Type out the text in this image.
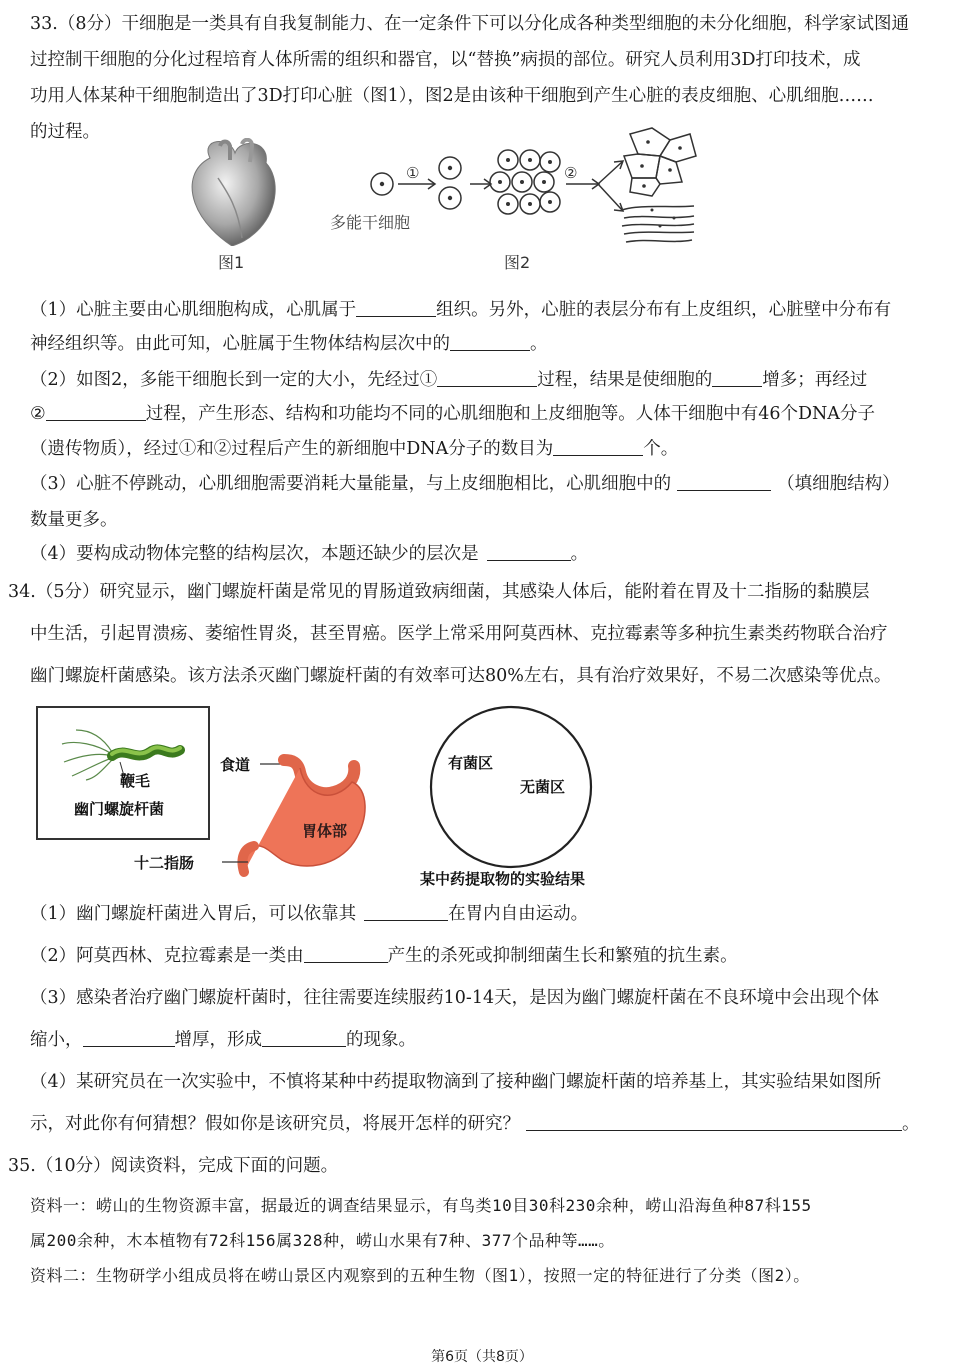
33.（8分）干细胞是一类具有自我复制能力、在一定条件下可以分化成各种类型细胞的未分化细胞，科学家试图通
过控制干细胞的分化过程培育人体所需的组织和器官，以“替换”病损的部位。研究人员利用3D打印技术，成
功用人体某种干细胞制造出了3D打印心脏（图1），图2是由该种干细胞到产生心脏的表皮细胞、心肌细胞……
的过程。
图1
①	②
多能干细胞
图2
（1）心脏主要由心肌细胞构成，心肌属于	组织。另外，心脏的表层分布有上皮组织，心脏壁中分布有
神经组织等。由此可知，心脏属于生物体结构层次中的	。
（2）如图2，多能干细胞长到一定的大小，先经过①	过程，结果是使细胞的	增多；再经过
②	过程，产生形态、结构和功能均不同的心肌细胞和上皮细胞等。人体干细胞中有46个DNA分子
（遗传物质），经过①和②过程后产生的新细胞中DNA分子的数目为	个。
（3）心脏不停跳动，心肌细胞需要消耗大量能量，与上皮细胞相比，心肌细胞中的	（填细胞结构）
数量更多。
（4）要构成动物体完整的结构层次，本题还缺少的层次是	。
34.（5分）研究显示，幽门螺旋杆菌是常见的胃肠道致病细菌，其感染人体后，能附着在胃及十二指肠的黏膜层
中生活，引起胃溃疡、萎缩性胃炎，甚至胃癌。医学上常采用阿莫西林、克拉霉素等多种抗生素类药物联合治疗
幽门螺旋杆菌感染。该方法杀灭幽门螺旋杆菌的有效率可达80%左右，具有治疗效果好，不易二次感染等优点。
鞭毛
幽门螺旋杆菌
食道
胃体部
十二指肠
有菌区
无菌区
某中药提取物的实验结果
（1）幽门螺旋杆菌进入胃后，可以依靠其	在胃内自由运动。
（2）阿莫西林、克拉霉素是一类由	产生的杀死或抑制细菌生长和繁殖的抗生素。
（3）感染者治疗幽门螺旋杆菌时，往往需要连续服药10-14天，是因为幽门螺旋杆菌在不良环境中会出现个体
缩小，	增厚，形成	的现象。
（4）某研究员在一次实验中，不慎将某种中药提取物滴到了接种幽门螺旋杆菌的培养基上，其实验结果如图所
示，对此你有何猜想？假如你是该研究员，将展开怎样的研究？	。
35.（10分）阅读资料，完成下面的问题。
资料一：崂山的生物资源丰富，据最近的调查结果显示，有鸟类10目30科230余种，崂山沿海鱼种87科155
属200余种，木本植物有72科156属328种，崂山水果有7种、377个品种等……。
资料二：生物研学小组成员将在崂山景区内观察到的五种生物（图1），按照一定的特征进行了分类（图2）。
第6页（共8页）
